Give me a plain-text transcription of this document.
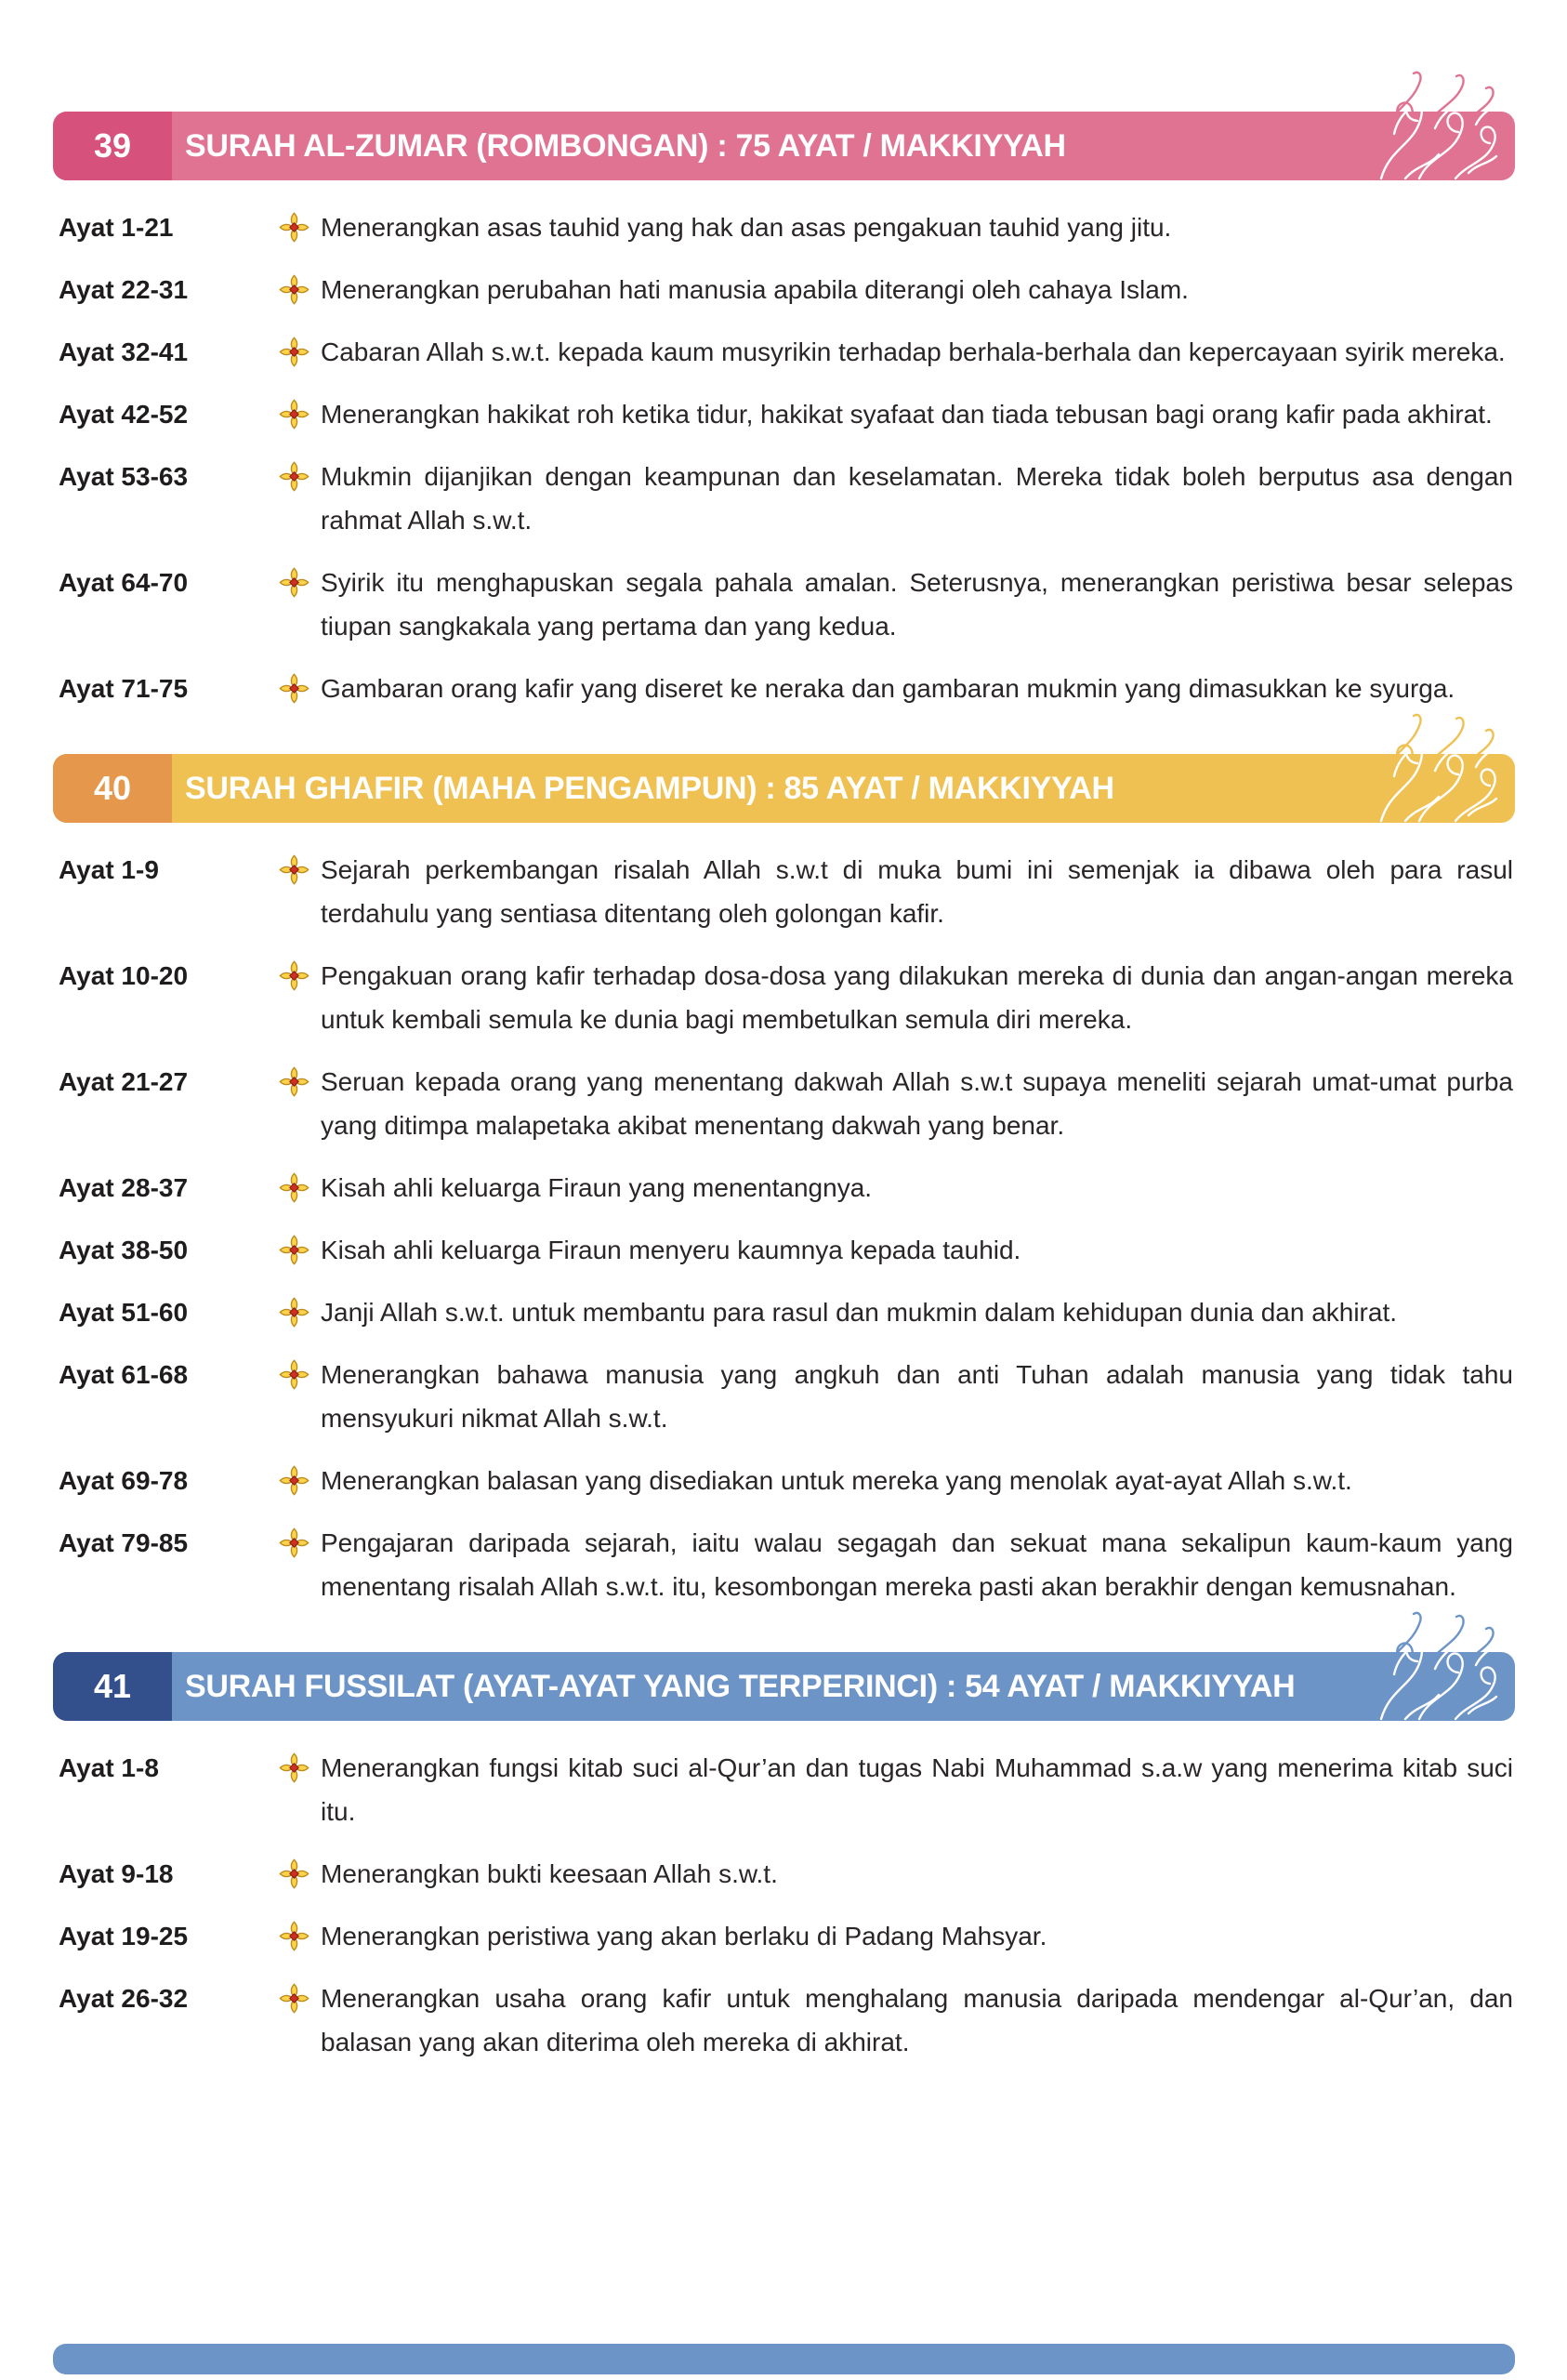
39	SURAH AL-ZUMAR (ROMBONGAN) : 75 AYAT / MAKKIYYAH
Ayat 1-21	Menerangkan asas tauhid yang hak dan asas pengakuan tauhid yang jitu.
Ayat 22-31	Menerangkan perubahan hati manusia apabila diterangi oleh cahaya Islam.
Ayat 32-41	Cabaran Allah s.w.t. kepada kaum musyrikin terhadap berhala-berhala dan kepercayaan syirik mereka.
Ayat 42-52	Menerangkan hakikat roh ketika tidur, hakikat syafaat dan tiada tebusan bagi orang kafir pada akhirat.
Ayat 53-63	Mukmin dijanjikan dengan keampunan dan keselamatan. Mereka tidak boleh berputus asa dengan rahmat Allah s.w.t.
Ayat 64-70	Syirik itu menghapuskan segala pahala amalan. Seterusnya, menerangkan peristiwa besar selepas tiupan sangkakala yang pertama dan yang kedua.
Ayat 71-75	Gambaran orang kafir yang diseret ke neraka dan gambaran mukmin yang dimasukkan ke syurga.
40	SURAH GHAFIR (MAHA PENGAMPUN) : 85 AYAT / MAKKIYYAH
Ayat 1-9	Sejarah perkembangan risalah Allah s.w.t di muka bumi ini semenjak ia dibawa oleh para rasul terdahulu yang sentiasa ditentang oleh golongan kafir.
Ayat 10-20	Pengakuan orang kafir terhadap dosa-dosa yang dilakukan mereka di dunia dan angan-angan mereka untuk kembali semula ke dunia bagi membetulkan semula diri mereka.
Ayat 21-27	Seruan kepada orang yang menentang dakwah Allah s.w.t supaya meneliti sejarah umat-umat purba yang ditimpa malapetaka akibat menentang dakwah yang benar.
Ayat 28-37	Kisah ahli keluarga Firaun yang menentangnya.
Ayat 38-50	Kisah ahli keluarga Firaun menyeru kaumnya kepada tauhid.
Ayat 51-60	Janji Allah s.w.t. untuk membantu para rasul dan mukmin dalam kehidupan dunia dan akhirat.
Ayat 61-68	Menerangkan bahawa manusia yang angkuh dan anti Tuhan adalah manusia yang tidak tahu mensyukuri nikmat Allah s.w.t.
Ayat 69-78	Menerangkan balasan yang disediakan untuk mereka yang menolak ayat-ayat Allah s.w.t.
Ayat 79-85	Pengajaran daripada sejarah, iaitu walau segagah dan sekuat mana sekalipun kaum-kaum yang menentang risalah Allah s.w.t. itu, kesombongan mereka pasti akan berakhir dengan kemusnahan.
41	SURAH FUSSILAT (AYAT-AYAT YANG TERPERINCI) : 54 AYAT / MAKKIYYAH
Ayat 1-8	Menerangkan fungsi kitab suci al-Qur’an dan tugas Nabi Muhammad s.a.w yang menerima kitab suci itu.
Ayat 9-18	Menerangkan bukti keesaan Allah s.w.t.
Ayat 19-25	Menerangkan peristiwa yang akan berlaku di Padang Mahsyar.
Ayat 26-32	Menerangkan usaha orang kafir untuk menghalang manusia daripada mendengar al-Qur’an, dan balasan yang akan diterima oleh mereka di akhirat.
